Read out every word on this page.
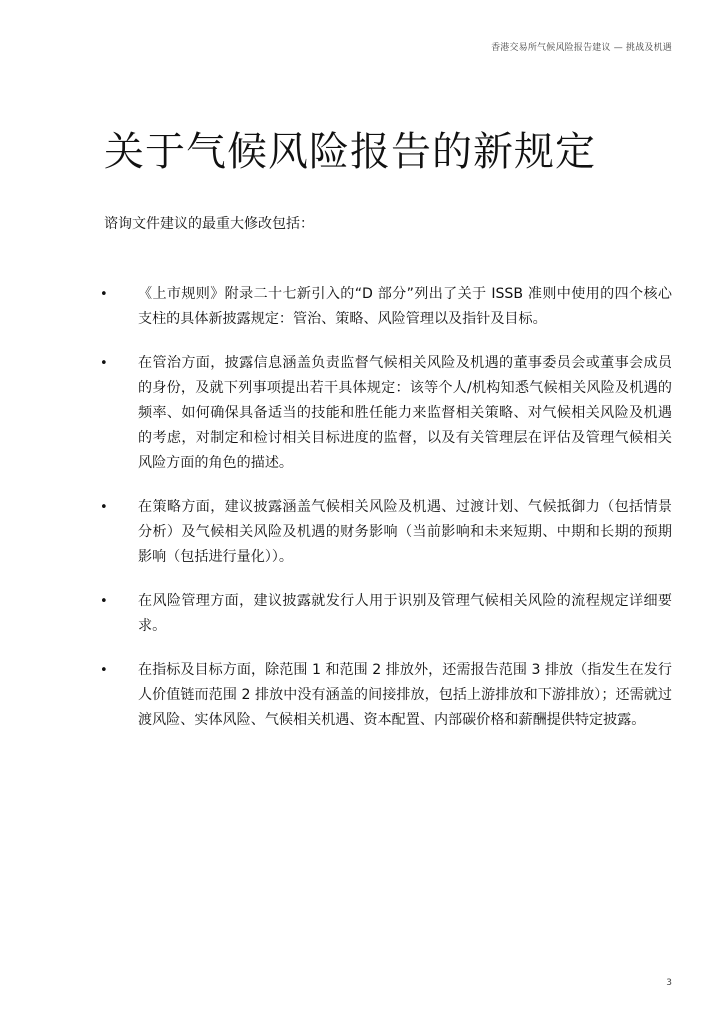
香港交易所气候风险报告建议 — 挑战及机遇
关于气候风险报告的新规定
谘询文件建议的最重大修改包括：
• 《上市规则》附录二十七新引入的“D 部分”列出了关于 ISSB 准则中使用的四个核心支柱的具体新披露规定：管治、策略、风险管理以及指针及目标。
• 在管治方面，披露信息涵盖负责监督气候相关风险及机遇的董事委员会或董事会成员的身份，及就下列事项提出若干具体规定：该等个人/机构知悉气候相关风险及机遇的频率、如何确保具备适当的技能和胜任能力来监督相关策略、对气候相关风险及机遇的考虑，对制定和检讨相关目标进度的监督，以及有关管理层在评估及管理气候相关风险方面的角色的描述。
• 在策略方面，建议披露涵盖气候相关风险及机遇、过渡计划、气候抵御力（包括情景分析）及气候相关风险及机遇的财务影响（当前影响和未来短期、中期和长期的预期影响（包括进行量化））。
• 在风险管理方面，建议披露就发行人用于识别及管理气候相关风险的流程规定详细要求。
• 在指标及目标方面，除范围 1 和范围 2 排放外，还需报告范围 3 排放（指发生在发行人价值链而范围 2 排放中没有涵盖的间接排放，包括上游排放和下游排放）；还需就过渡风险、实体风险、气候相关机遇、资本配置、内部碳价格和薪酬提供特定披露。
3
